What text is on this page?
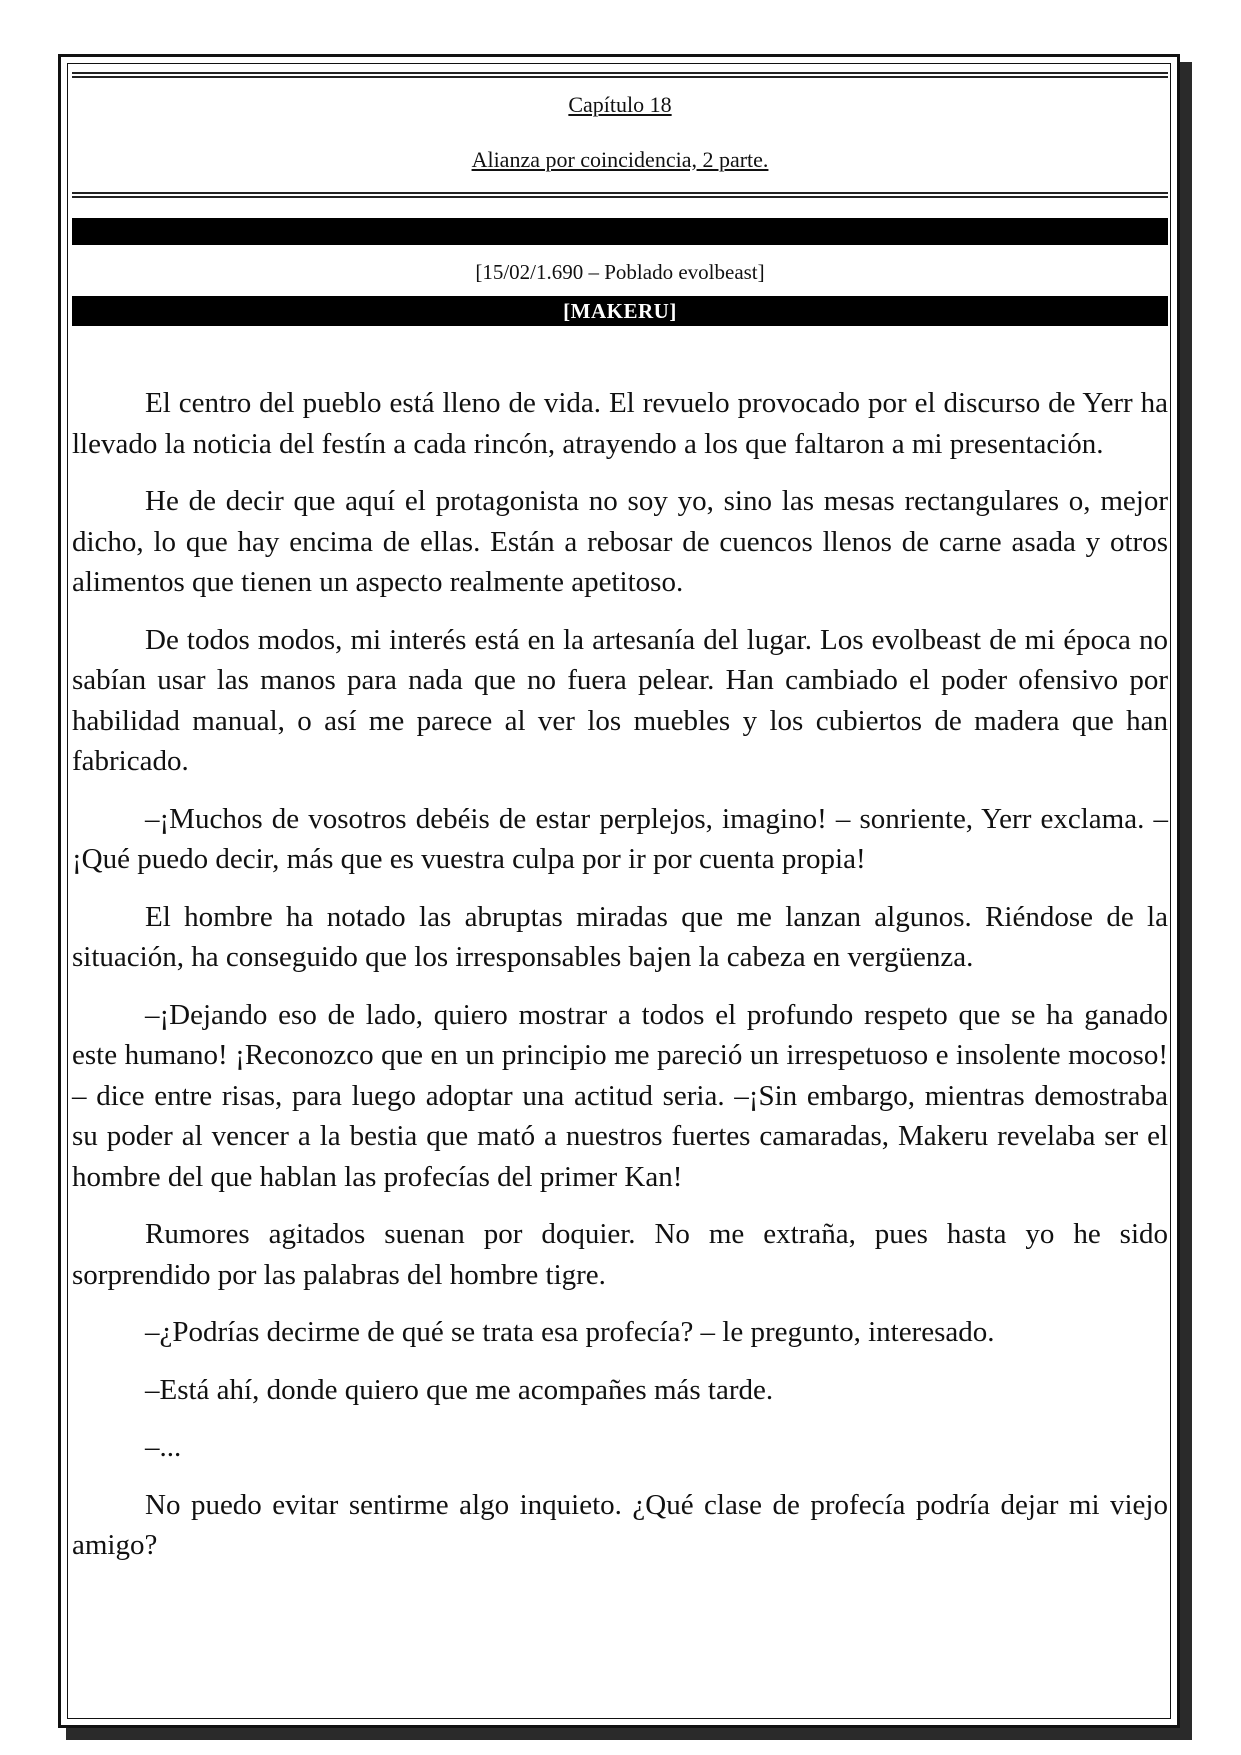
Capítulo 18
Alianza por coincidencia, 2 parte.
[15/02/1.690 – Poblado evolbeast]
[MAKERU]

El centro del pueblo está lleno de vida. El revuelo provocado por el discurso de Yerr ha llevado la noticia del festín a cada rincón, atrayendo a los que faltaron a mi presentación.

He de decir que aquí el protagonista no soy yo, sino las mesas rectangulares o, mejor dicho, lo que hay encima de ellas. Están a rebosar de cuencos llenos de carne asada y otros alimentos que tienen un aspecto realmente apetitoso.

De todos modos, mi interés está en la artesanía del lugar. Los evolbeast de mi época no sabían usar las manos para nada que no fuera pelear. Han cambiado el poder ofensivo por habilidad manual, o así me parece al ver los muebles y los cubiertos de madera que han fabricado.

–¡Muchos de vosotros debéis de estar perplejos, imagino! – sonriente, Yerr exclama. –¡Qué puedo decir, más que es vuestra culpa por ir por cuenta propia!

El hombre ha notado las abruptas miradas que me lanzan algunos. Riéndose de la situación, ha conseguido que los irresponsables bajen la cabeza en vergüenza.

–¡Dejando eso de lado, quiero mostrar a todos el profundo respeto que se ha ganado este humano! ¡Reconozco que en un principio me pareció un irrespetuoso e insolente mocoso! – dice entre risas, para luego adoptar una actitud seria. –¡Sin embargo, mientras demostraba su poder al vencer a la bestia que mató a nuestros fuertes camaradas, Makeru revelaba ser el hombre del que hablan las profecías del primer Kan!

Rumores agitados suenan por doquier. No me extraña, pues hasta yo he sido sorprendido por las palabras del hombre tigre.

–¿Podrías decirme de qué se trata esa profecía? – le pregunto, interesado.

–Está ahí, donde quiero que me acompañes más tarde.

–...

No puedo evitar sentirme algo inquieto. ¿Qué clase de profecía podría dejar mi viejo amigo?
